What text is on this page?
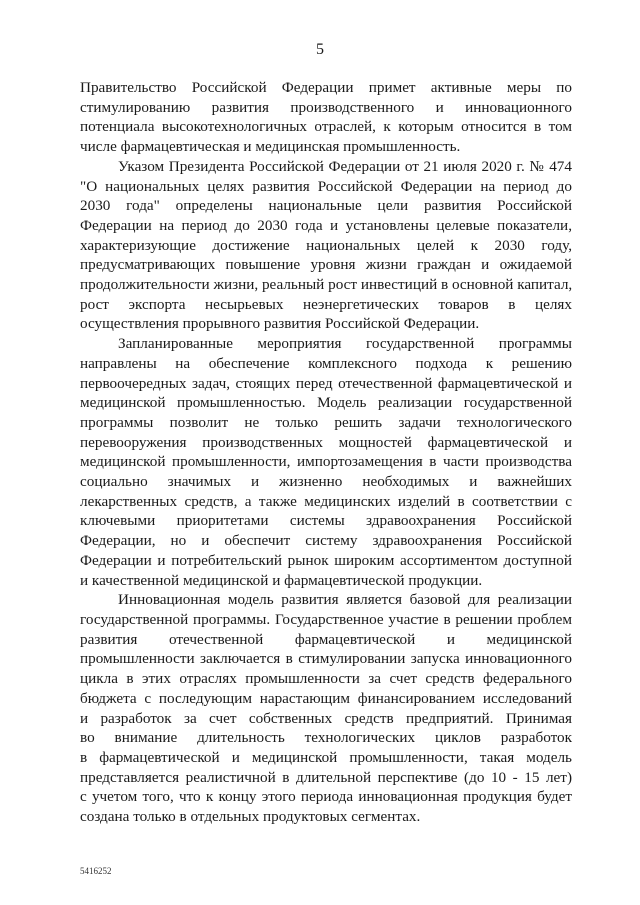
5

Правительство Российской Федерации примет активные меры по
стимулированию развития производственного и инновационного
потенциала высокотехнологичных отраслей, к которым относится в том
числе фармацевтическая и медицинская промышленность.

Указом Президента Российской Федерации от 21 июля 2020 г. № 474
"О национальных целях развития Российской Федерации на период до
2030 года" определены национальные цели развития Российской
Федерации на период до 2030 года и установлены целевые показатели,
характеризующие достижение национальных целей к 2030 году,
предусматривающих повышение уровня жизни граждан и ожидаемой
продолжительности жизни, реальный рост инвестиций в основной капитал,
рост экспорта несырьевых неэнергетических товаров в целях
осуществления прорывного развития Российской Федерации.

Запланированные мероприятия государственной программы
направлены на обеспечение комплексного подхода к решению
первоочередных задач, стоящих перед отечественной фармацевтической и
медицинской промышленностью. Модель реализации государственной
программы позволит не только решить задачи технологического
перевооружения производственных мощностей фармацевтической и
медицинской промышленности, импортозамещения в части производства
социально значимых и жизненно необходимых и важнейших
лекарственных средств, а также медицинских изделий в соответствии с
ключевыми приоритетами системы здравоохранения Российской
Федерации, но и обеспечит систему здравоохранения Российской
Федерации и потребительский рынок широким ассортиментом доступной
и качественной медицинской и фармацевтической продукции.

Инновационная модель развития является базовой для реализации
государственной программы. Государственное участие в решении проблем
развития отечественной фармацевтической и медицинской
промышленности заключается в стимулировании запуска инновационного
цикла в этих отраслях промышленности за счет средств федерального
бюджета с последующим нарастающим финансированием исследований
и разработок за счет собственных средств предприятий. Принимая
во внимание длительность технологических циклов разработок
в фармацевтической и медицинской промышленности, такая модель
представляется реалистичной в длительной перспективе (до 10 - 15 лет)
с учетом того, что к концу этого периода инновационная продукция будет
создана только в отдельных продуктовых сегментах.

5416252
